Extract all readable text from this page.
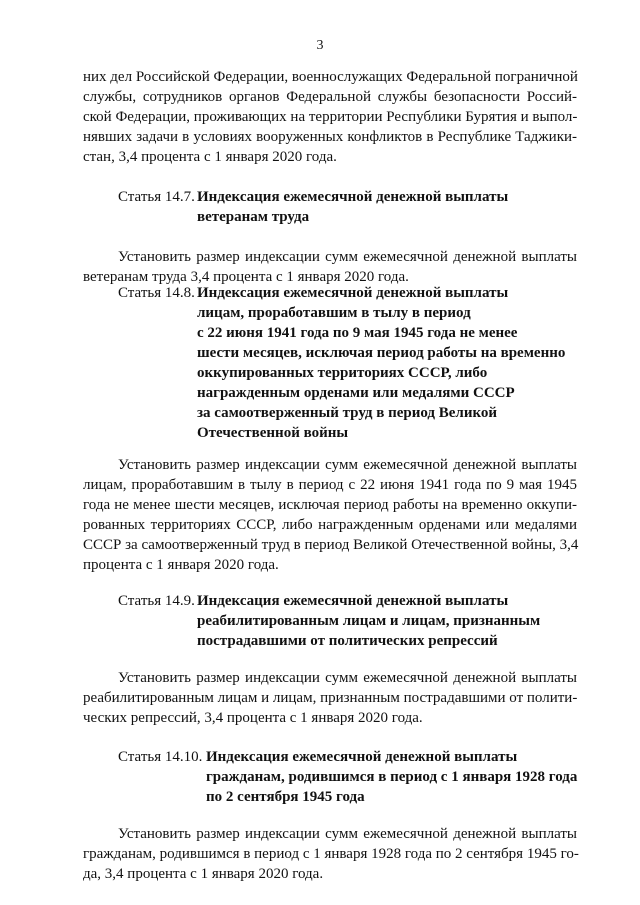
3
них дел Российской Федерации, военнослужащих Федеральной пограничной
службы, сотрудников органов Федеральной службы безопасности Россий-
ской Федерации, проживающих на территории Республики Бурятия и выпол-
нявших задачи в условиях вооруженных конфликтов в Республике Таджики-
стан, 3,4 процента с 1 января 2020 года.
Статья 14.7. Индексация ежемесячной денежной выплаты
ветеранам труда
Установить размер индексации сумм ежемесячной денежной выплаты
ветеранам труда 3,4 процента с 1 января 2020 года.
Статья 14.8. Индексация ежемесячной денежной выплаты
лицам, проработавшим в тылу в период
с 22 июня 1941 года по 9 мая 1945 года не менее
шести месяцев, исключая период работы на временно
оккупированных территориях СССР, либо
награжденным орденами или медалями СССР
за самоотверженный труд в период Великой
Отечественной войны
Установить размер индексации сумм ежемесячной денежной выплаты
лицам, проработавшим в тылу в период с 22 июня 1941 года по 9 мая 1945
года не менее шести месяцев, исключая период работы на временно оккупи-
рованных территориях СССР, либо награжденным орденами или медалями
СССР за самоотверженный труд в период Великой Отечественной войны, 3,4
процента с 1 января 2020 года.
Статья 14.9. Индексация ежемесячной денежной выплаты
реабилитированным лицам и лицам, признанным
пострадавшими от политических репрессий
Установить размер индексации сумм ежемесячной денежной выплаты
реабилитированным лицам и лицам, признанным пострадавшими от полити-
ческих репрессий, 3,4 процента с 1 января 2020 года.
Статья 14.10. Индексация ежемесячной денежной выплаты
гражданам, родившимся в период с 1 января 1928 года
по 2 сентября 1945 года
Установить размер индексации сумм ежемесячной денежной выплаты
гражданам, родившимся в период с 1 января 1928 года по 2 сентября 1945 го-
да, 3,4 процента с 1 января 2020 года.
